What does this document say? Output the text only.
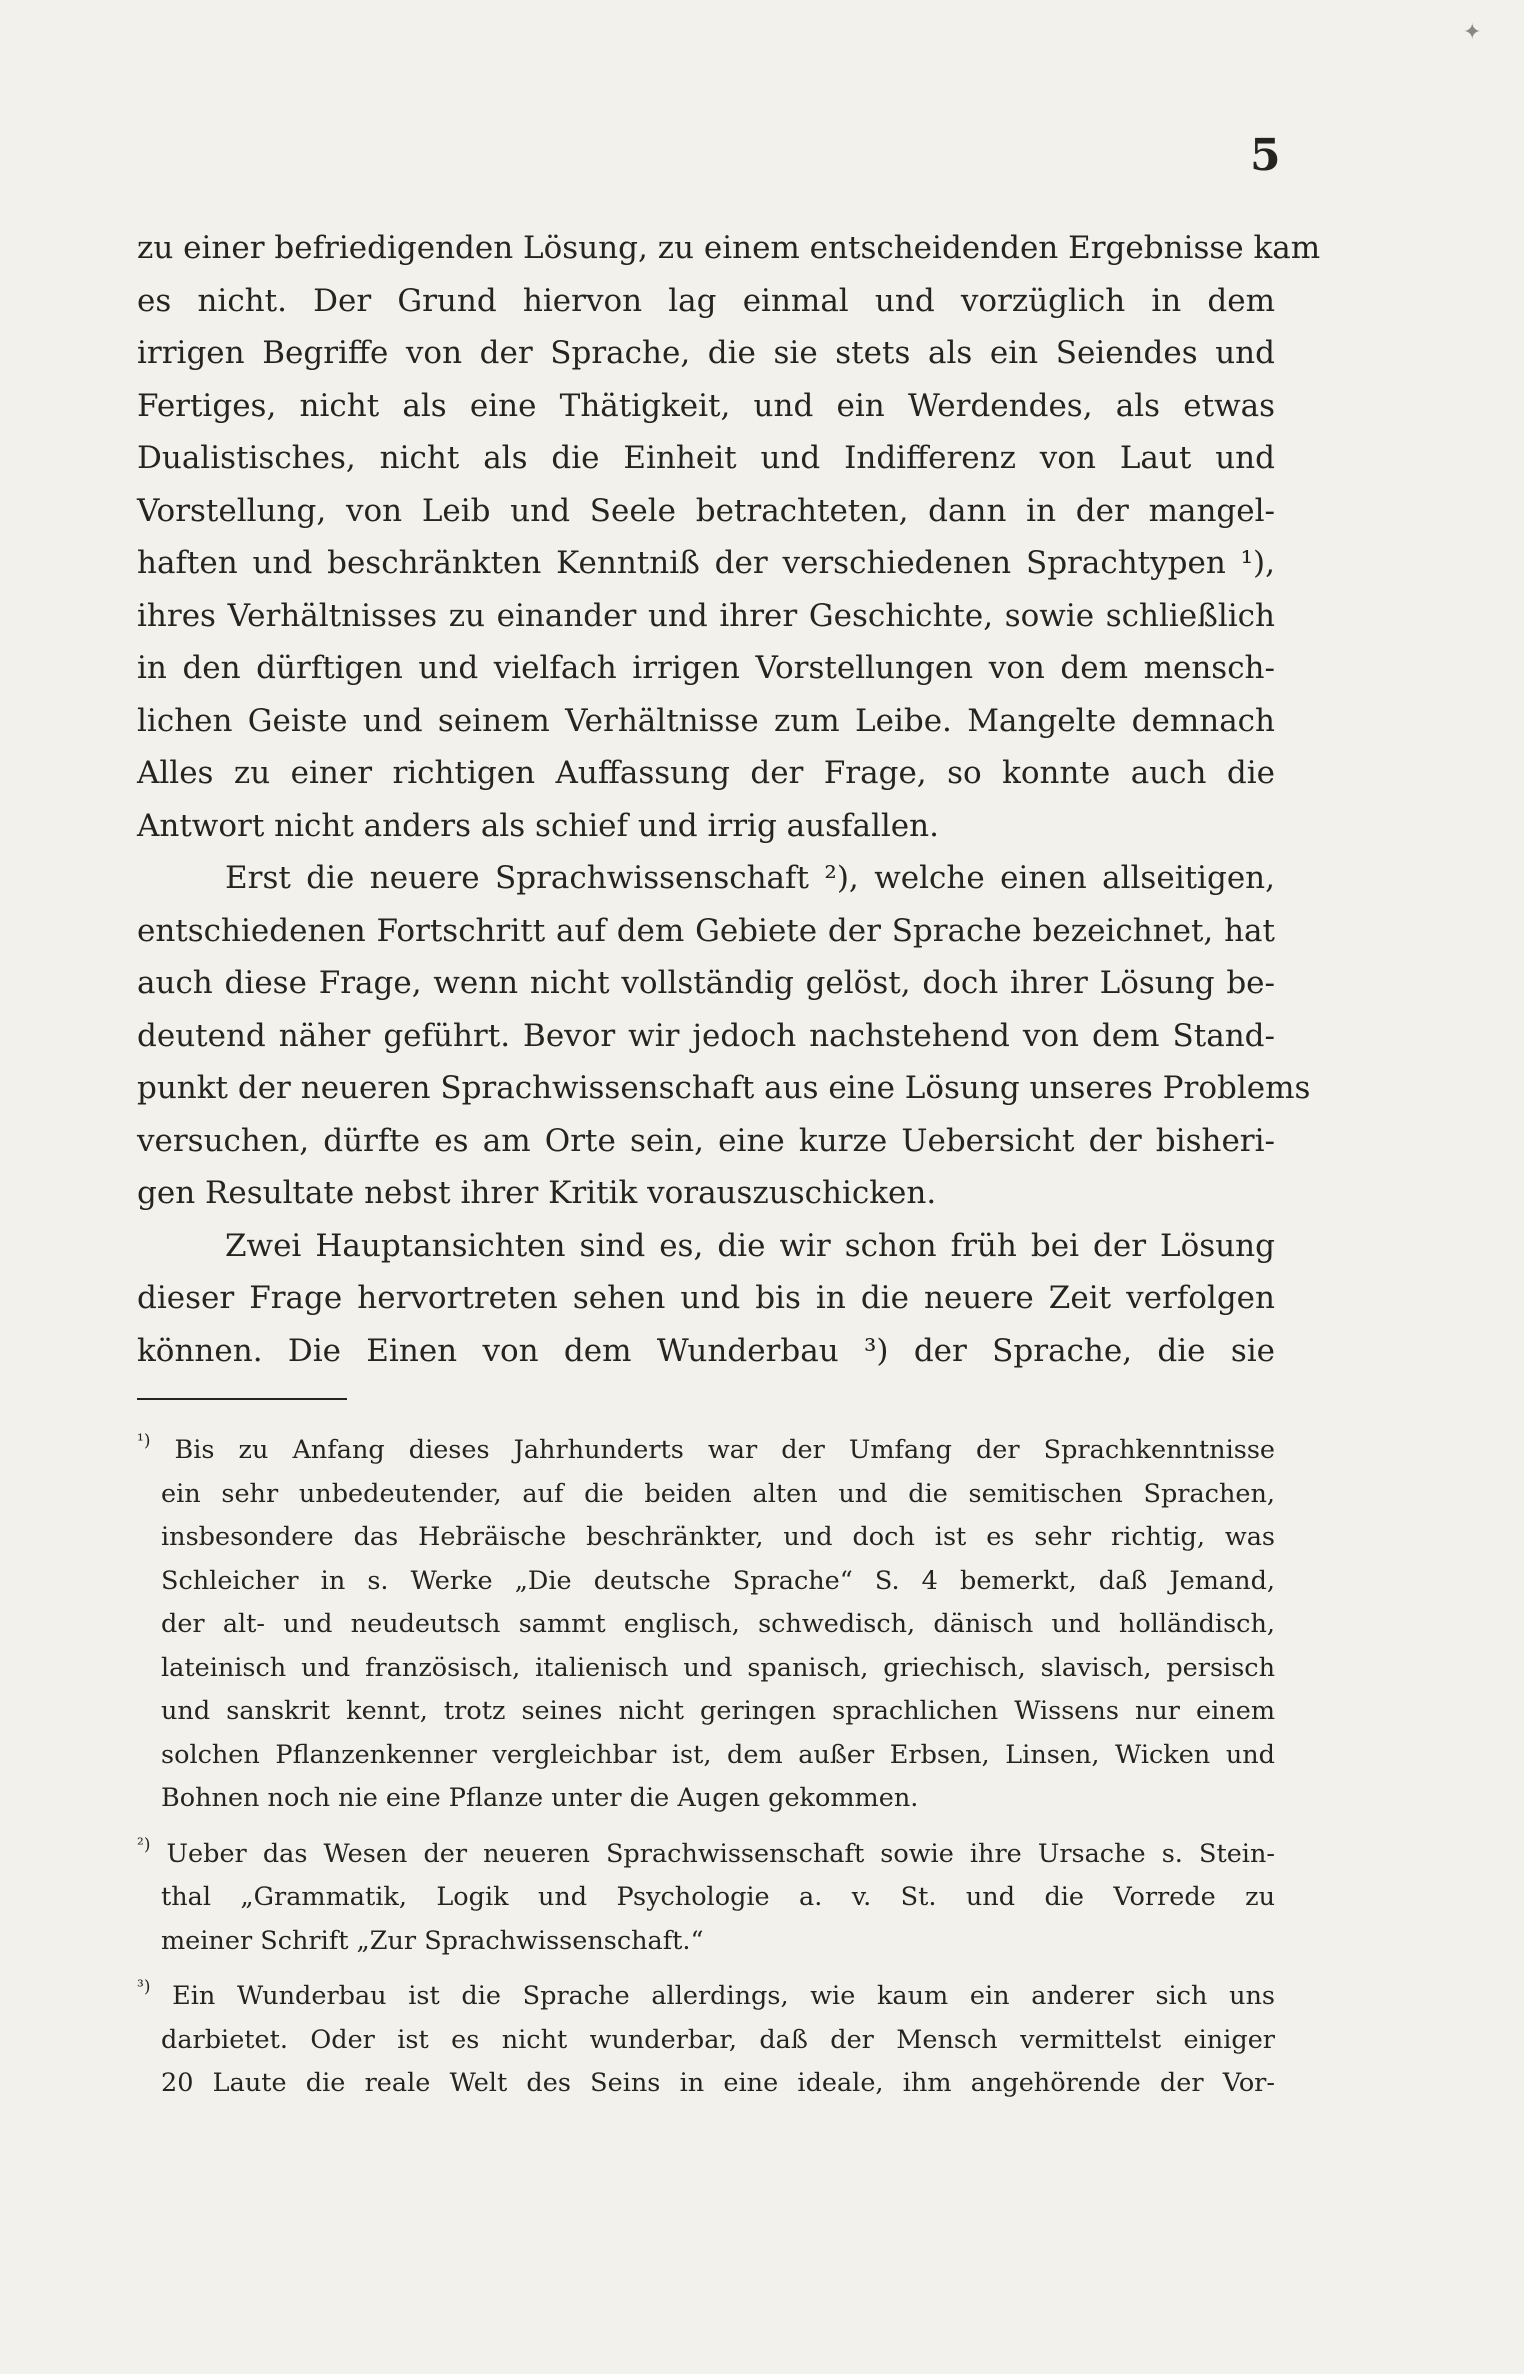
✦
5
zu einer befriedigenden Lösung, zu einem entscheidenden Ergebnisse kam
es nicht. Der Grund hiervon lag einmal und vorzüglich in dem
irrigen Begriffe von der Sprache, die sie stets als ein Seiendes und
Fertiges, nicht als eine Thätigkeit, und ein Werdendes, als etwas
Dualistisches, nicht als die Einheit und Indifferenz von Laut und
Vorstellung, von Leib und Seele betrachteten, dann in der mangel-
haften und beschränkten Kenntniß der verschiedenen Sprachtypen ¹),
ihres Verhältnisses zu einander und ihrer Geschichte, sowie schließlich
in den dürftigen und vielfach irrigen Vorstellungen von dem mensch-
lichen Geiste und seinem Verhältnisse zum Leibe. Mangelte demnach
Alles zu einer richtigen Auffassung der Frage, so konnte auch die
Antwort nicht anders als schief und irrig ausfallen.
Erst die neuere Sprachwissenschaft ²), welche einen allseitigen,
entschiedenen Fortschritt auf dem Gebiete der Sprache bezeichnet, hat
auch diese Frage, wenn nicht vollständig gelöst, doch ihrer Lösung be-
deutend näher geführt. Bevor wir jedoch nachstehend von dem Stand-
punkt der neueren Sprachwissenschaft aus eine Lösung unseres Problems
versuchen, dürfte es am Orte sein, eine kurze Uebersicht der bisheri-
gen Resultate nebst ihrer Kritik vorauszuschicken.
Zwei Hauptansichten sind es, die wir schon früh bei der Lösung
dieser Frage hervortreten sehen und bis in die neuere Zeit verfolgen
können. Die Einen von dem Wunderbau ³) der Sprache, die sie
$^{^1)}$ Bis zu Anfang dieses Jahrhunderts war der Umfang der Sprachkenntnisse
ein sehr unbedeutender, auf die beiden alten und die semitischen Sprachen,
insbesondere das Hebräische beschränkter, und doch ist es sehr richtig, was
Schleicher in s. Werke „Die deutsche Sprache“ S. 4 bemerkt, daß Jemand,
der alt- und neudeutsch sammt englisch, schwedisch, dänisch und holländisch,
lateinisch und französisch, italienisch und spanisch, griechisch, slavisch, persisch
und sanskrit kennt, trotz seines nicht geringen sprachlichen Wissens nur einem
solchen Pflanzenkenner vergleichbar ist, dem außer Erbsen, Linsen, Wicken und
Bohnen noch nie eine Pflanze unter die Augen gekommen.
$^{^2)}$ Ueber das Wesen der neueren Sprachwissenschaft sowie ihre Ursache s. Stein-
thal „Grammatik, Logik und Psychologie a. v. St. und die Vorrede zu
meiner Schrift „Zur Sprachwissenschaft.“
$^{^3)}$ Ein Wunderbau ist die Sprache allerdings, wie kaum ein anderer sich uns
darbietet. Oder ist es nicht wunderbar, daß der Mensch vermittelst einiger
20 Laute die reale Welt des Seins in eine ideale, ihm angehörende der Vor-
